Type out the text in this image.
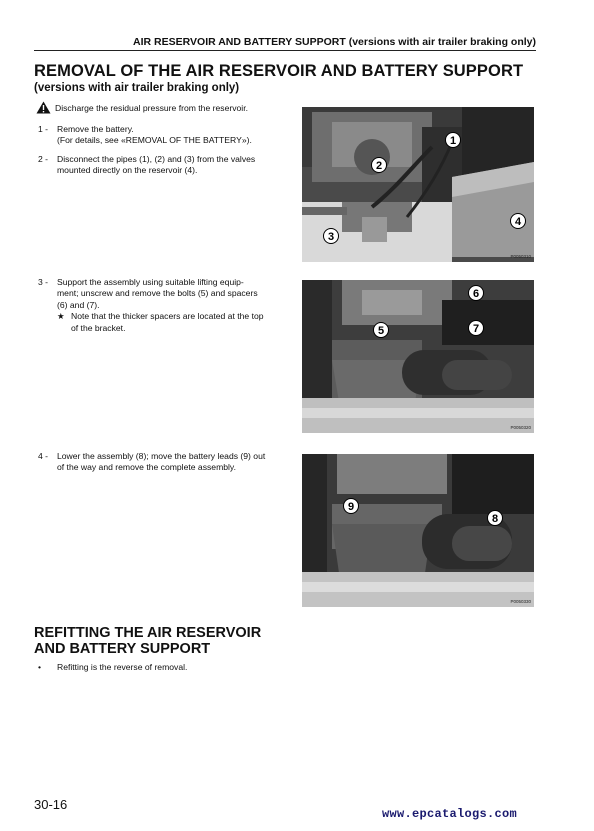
AIR RESERVOIR AND BATTERY SUPPORT (versions with air trailer braking only)
REMOVAL OF THE AIR RESERVOIR AND BATTERY SUPPORT
(versions with air trailer braking only)
Discharge the residual pressure from the reservoir.
1 - Remove the battery.
(For details, see «REMOVAL OF THE BATTERY»).
2 - Disconnect the pipes (1), (2) and (3) from the valves
mounted directly on the reservoir (4).
3 - Support the assembly using suitable lifting equip-
ment; unscrew and remove the bolts (5) and spacers
(6) and (7).
★ Note that the thicker spacers are located at the top
of the bracket.
4 - Lower the assembly (8); move the battery leads (9) out
of the way and remove the complete assembly.
1
2
3
4
P0050310
5
6
7
P0050320
8
9
P0050330
REFITTING THE AIR RESERVOIR
AND BATTERY SUPPORT
• Refitting is the reverse of removal.
30-16
www.epcatalogs.com
